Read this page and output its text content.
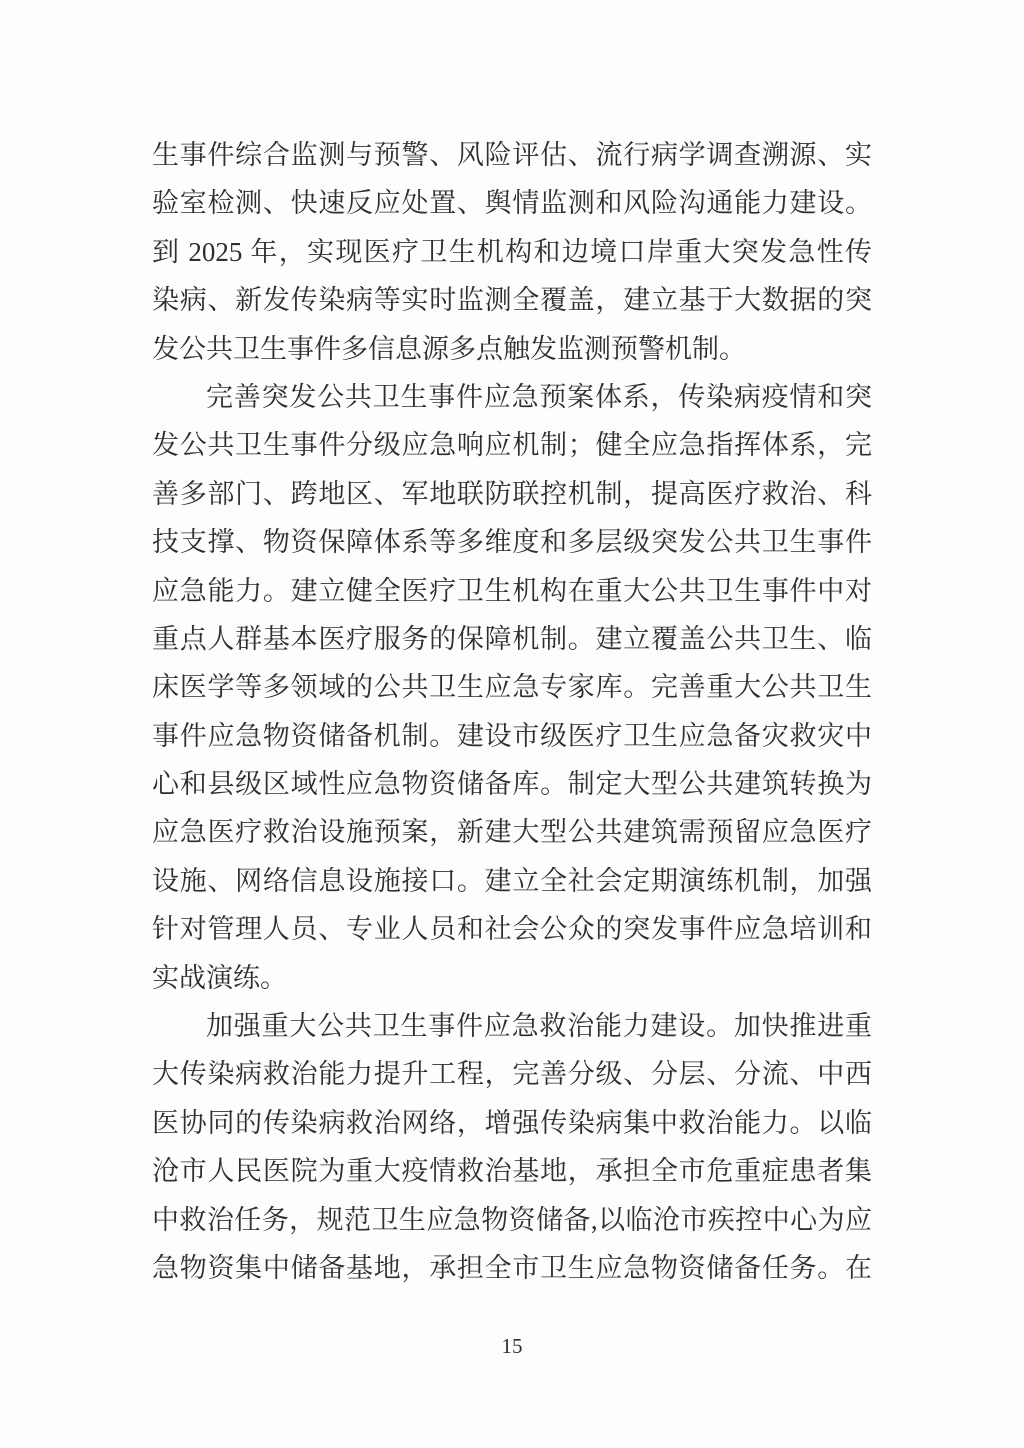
生事件综合监测与预警、风险评估、流行病学调查溯源、实
验室检测、快速反应处置、舆情监测和风险沟通能力建设。
到 2025 年，实现医疗卫生机构和边境口岸重大突发急性传
染病、新发传染病等实时监测全覆盖，建立基于大数据的突
发公共卫生事件多信息源多点触发监测预警机制。
完善突发公共卫生事件应急预案体系，传染病疫情和突
发公共卫生事件分级应急响应机制；健全应急指挥体系，完
善多部门、跨地区、军地联防联控机制，提高医疗救治、科
技支撑、物资保障体系等多维度和多层级突发公共卫生事件
应急能力。建立健全医疗卫生机构在重大公共卫生事件中对
重点人群基本医疗服务的保障机制。建立覆盖公共卫生、临
床医学等多领域的公共卫生应急专家库。完善重大公共卫生
事件应急物资储备机制。建设市级医疗卫生应急备灾救灾中
心和县级区域性应急物资储备库。制定大型公共建筑转换为
应急医疗救治设施预案，新建大型公共建筑需预留应急医疗
设施、网络信息设施接口。建立全社会定期演练机制，加强
针对管理人员、专业人员和社会公众的突发事件应急培训和
实战演练。
加强重大公共卫生事件应急救治能力建设。加快推进重
大传染病救治能力提升工程，完善分级、分层、分流、中西
医协同的传染病救治网络，增强传染病集中救治能力。以临
沧市人民医院为重大疫情救治基地，承担全市危重症患者集
中救治任务，规范卫生应急物资储备,以临沧市疾控中心为应
急物资集中储备基地，承担全市卫生应急物资储备任务。在
15
